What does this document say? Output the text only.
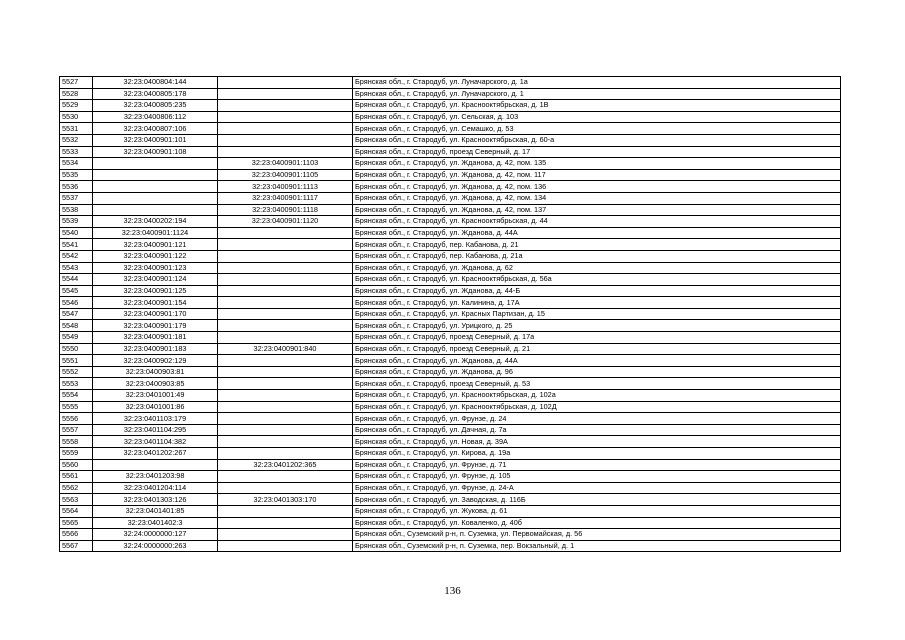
5527	32:23:0400804:144		Брянская обл., г. Стародуб, ул. Луначарского, д. 1а
5528	32:23:0400805:178		Брянская обл., г. Стародуб, ул. Луначарского, д. 1
5529	32:23:0400805:235		Брянская обл., г. Стародуб, ул. Краснооктябрьская, д. 1В
5530	32:23:0400806:112		Брянская обл., г. Стародуб, ул. Сельская, д. 103
5531	32:23:0400807:106		Брянская обл., г. Стародуб, ул. Семашко, д. 53
5532	32:23:0400901:101		Брянская обл., г. Стародуб, ул. Краснооктябрьская, д. 60-а
5533	32:23:0400901:108		Брянская обл., г. Стародуб, проезд Северный, д. 17
5534		32:23:0400901:1103	Брянская обл., г. Стародуб, ул. Жданова, д. 42, пом. 135
5535		32:23:0400901:1105	Брянская обл., г. Стародуб, ул. Жданова, д. 42, пом. 117
5536		32:23:0400901:1113	Брянская обл., г. Стародуб, ул. Жданова, д. 42, пом. 136
5537		32:23:0400901:1117	Брянская обл., г. Стародуб, ул. Жданова, д. 42, пом. 134
5538		32:23:0400901:1118	Брянская обл., г. Стародуб, ул. Жданова, д. 42, пом. 137
5539	32:23:0400202:194	32:23:0400901:1120	Брянская обл., г. Стародуб, ул. Краснооктябрьская, д. 44
5540	32:23:0400901:1124		Брянская обл., г. Стародуб, ул. Жданова, д. 44А
5541	32:23:0400901:121		Брянская обл., г. Стародуб, пер. Кабанова, д. 21
5542	32:23:0400901:122		Брянская обл., г. Стародуб, пер. Кабанова, д. 21а
5543	32:23:0400901:123		Брянская обл., г. Стародуб, ул. Жданова, д. 62
5544	32:23:0400901:124		Брянская обл., г. Стародуб, ул. Краснооктябрьская, д. 56а
5545	32:23:0400901:125		Брянская обл., г. Стародуб, ул. Жданова, д. 44-Б
5546	32:23:0400901:154		Брянская обл., г. Стародуб, ул. Калинина, д. 17А
5547	32:23:0400901:170		Брянская обл., г. Стародуб, ул. Красных Партизан, д. 15
5548	32:23:0400901:179		Брянская обл., г. Стародуб, ул. Урицкого, д. 25
5549	32:23:0400901:181		Брянская обл., г. Стародуб, проезд Северный, д. 17а
5550	32:23:0400901:183	32:23:0400901:840	Брянская обл., г. Стародуб, проезд Северный, д. 21
5551	32:23:0400902:129		Брянская обл., г. Стародуб, ул. Жданова, д. 44А
5552	32:23:0400903:81		Брянская обл., г. Стародуб, ул. Жданова, д. 96
5553	32:23:0400903:85		Брянская обл., г. Стародуб, проезд Северный, д. 53
5554	32:23:0401001:49		Брянская обл., г. Стародуб, ул. Краснооктябрьская, д. 102а
5555	32:23:0401001:86		Брянская обл., г. Стародуб, ул. Краснооктябрьская, д. 102Д
5556	32:23:0401103:179		Брянская обл., г. Стародуб, ул. Фрунзе, д. 24
5557	32:23:0401104:295		Брянская обл., г. Стародуб, ул. Дачная, д. 7а
5558	32:23:0401104:382		Брянская обл., г. Стародуб, ул. Новая, д. 39А
5559	32:23:0401202:267		Брянская обл., г. Стародуб, ул. Кирова, д. 19а
5560		32:23:0401202:365	Брянская обл., г. Стародуб, ул. Фрунзе, д. 71
5561	32:23:0401203:98		Брянская обл., г. Стародуб, ул. Фрунзе, д. 105
5562	32:23:0401204:114		Брянская обл., г. Стародуб, ул. Фрунзе, д. 24-А
5563	32:23:0401303:126	32:23:0401303:170	Брянская обл., г. Стародуб, ул. Заводская, д. 116Б
5564	32:23:0401401:85		Брянская обл., г. Стародуб, ул. Жукова, д. 61
5565	32:23:0401402:3		Брянская обл., г. Стародуб, ул. Коваленко, д. 40б
5566	32:24:0000000:127		Брянская обл., Суземский р-н, п. Суземка, ул. Первомайская, д. 56
5567	32:24:0000000:263		Брянская обл., Суземский р-н, п. Суземка, пер. Вокзальный, д. 1
136
